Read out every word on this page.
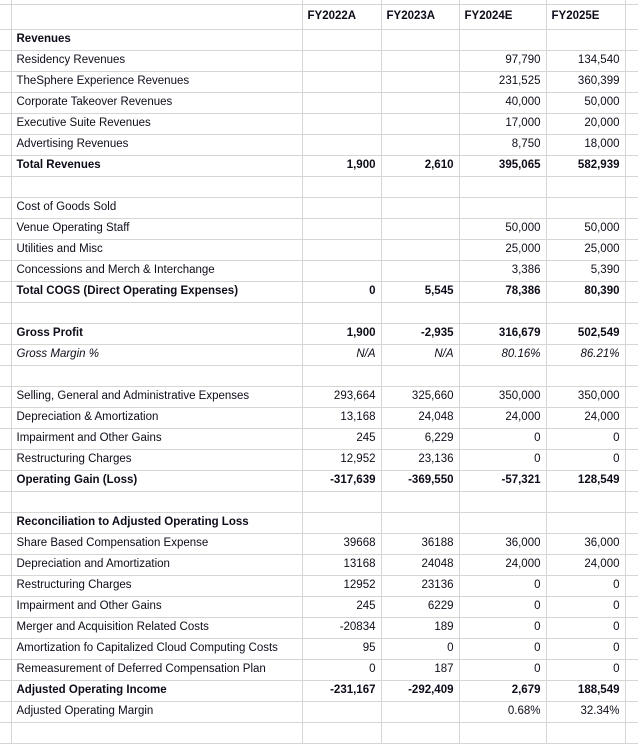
		FY2022A	FY2023A	FY2024E	FY2025E	
	Revenues					
	Residency Revenues			97,790	134,540	
	TheSphere Experience Revenues			231,525	360,399	
	Corporate Takeover Revenues			40,000	50,000	
	Executive Suite Revenues			17,000	20,000	
	Advertising Revenues			8,750	18,000	
	Total Revenues	1,900	2,610	395,065	582,939	

	Cost of Goods Sold					
	Venue Operating Staff			50,000	50,000	
	Utilities and Misc			25,000	25,000	
	Concessions and Merch & Interchange			3,386	5,390	
	Total COGS (Direct Operating Expenses)	0	5,545	78,386	80,390	

	Gross Profit	1,900	-2,935	316,679	502,549	
	Gross Margin %	N/A	N/A	80.16%	86.21%	

	Selling, General and Administrative Expenses	293,664	325,660	350,000	350,000	
	Depreciation & Amortization	13,168	24,048	24,000	24,000	
	Impairment and Other Gains	245	6,229	0	0	
	Restructuring Charges	12,952	23,136	0	0	
	Operating Gain (Loss)	-317,639	-369,550	-57,321	128,549	

	Reconciliation to Adjusted Operating Loss					
	Share Based Compensation Expense	39668	36188	36,000	36,000	
	Depreciation and Amortization	13168	24048	24,000	24,000	
	Restructuring Charges	12952	23136	0	0	
	Impairment and Other Gains	245	6229	0	0	
	Merger and Acquisition Related Costs	-20834	189	0	0	
	Amortization fo Capitalized Cloud Computing Costs	95	0	0	0	
	Remeasurement of Deferred Compensation Plan	0	187	0	0	
	Adjusted Operating Income	-231,167	-292,409	2,679	188,549	
	Adjusted Operating Margin			0.68%	32.34%	
